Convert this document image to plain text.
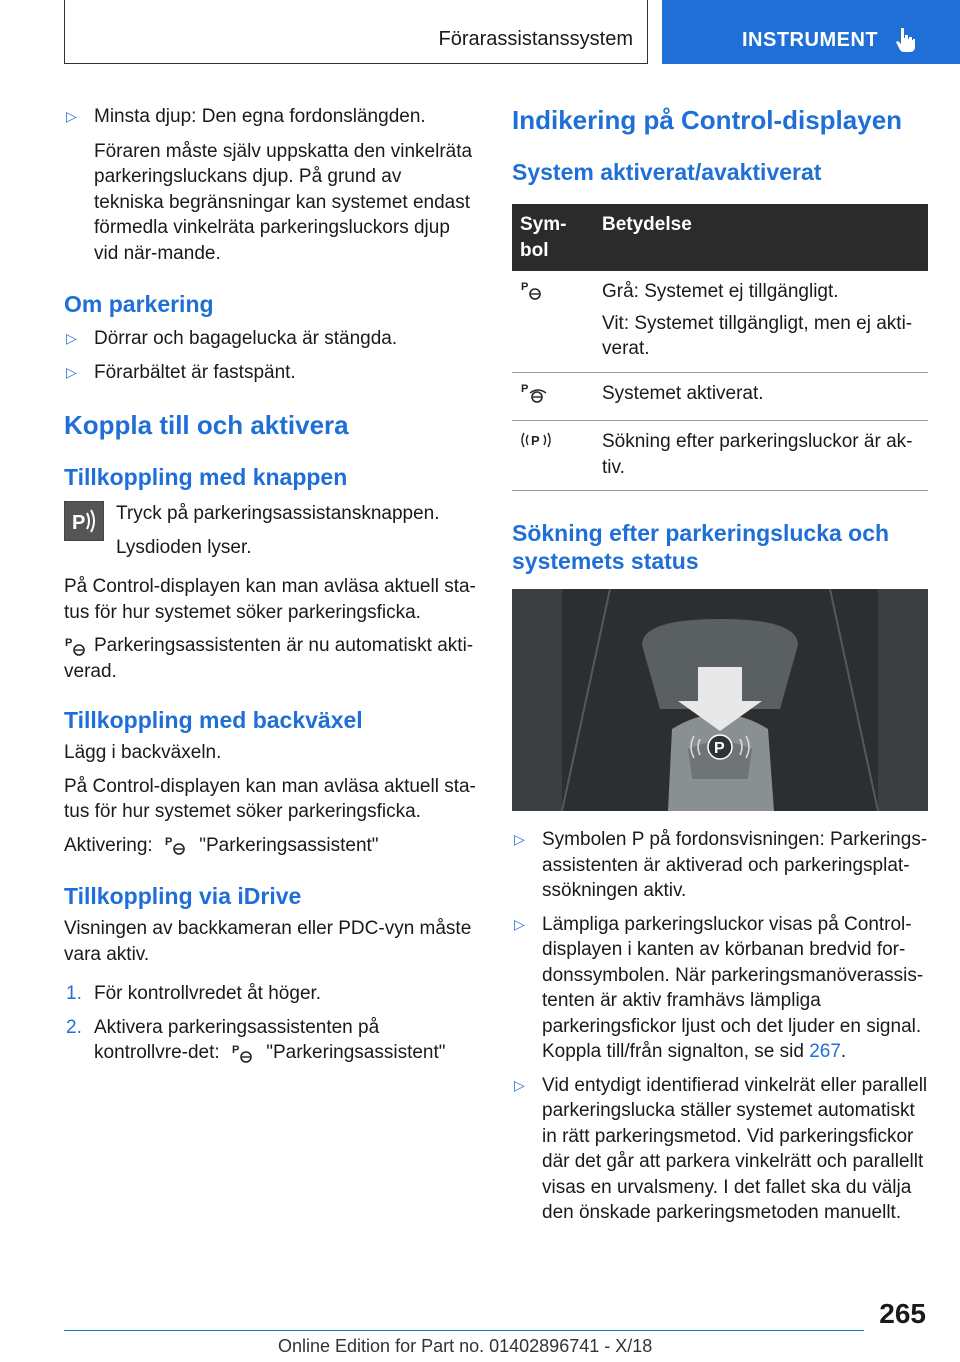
Förarassistanssystem	INSTRUMENT
▷ Minsta djup: Den egna fordonslängden.

Föraren måste själv uppskatta den vinkelräta parkeringsluckans djup. På grund av tekniska begränsningar kan systemet endast förmedla vinkelräta parkeringsluckors djup vid när-mande.

Om parkering
▷ Dörrar och bagagelucka är stängda.
▷ Förarbältet är fastspänt.
Koppla till och aktivera
Tillkoppling med knappen
P Tryck på parkeringsassistansknappen.

Lysdioden lyser.

På Control-displayen kan man avläsa aktuell sta-tus för hur systemet söker parkeringsficka.

P Parkeringsassistenten är nu automatiskt akti-verad.

Tillkoppling med backväxel

Lägg i backväxeln.

På Control-displayen kan man avläsa aktuell sta-tus för hur systemet söker parkeringsficka.

Aktivering: P "Parkeringsassistent"

Tillkoppling via iDrive

Visningen av backkameran eller PDC-vyn måste vara aktiv.

1. För kontrollvredet åt höger.
2. Aktivera parkeringsassistenten på kontrollvre-det: P "Parkeringsassistent"
Indikering på Control-displayen
System aktiverat/avaktiverat
Sym-bol	Betydelse

P	Grå: Systemet ej tillgängligt.

Vit: Systemet tillgängligt, men ej akti-verat.

P	Systemet aktiverat.

P	Sökning efter parkeringsluckor är ak-tiv.

Sökning efter parkeringslucka och systemets status
P
▷ Symbolen P på fordonsvisningen: Parkerings-assistenten är aktiverad och parkeringsplat-ssökningen aktiv.
▷ Lämpliga parkeringsluckor visas på Control-displayen i kanten av körbanan bredvid for-donssymbolen. När parkeringsmanöverassis-tenten är aktiv framhävs lämpliga parkeringsfickor ljust och det ljuder en signal. Koppla till/från signalton, se sid 267.
▷ Vid entydigt identifierad vinkelrät eller parallell parkeringslucka ställer systemet automatiskt in rätt parkeringsmetod. Vid parkeringsfickor där det går att parkera vinkelrätt och parallellt visas en urvalsmeny. I det fallet ska du välja den önskade parkeringsmetoden manuellt.
265
Online Edition for Part no. 01402896741 - X/18
